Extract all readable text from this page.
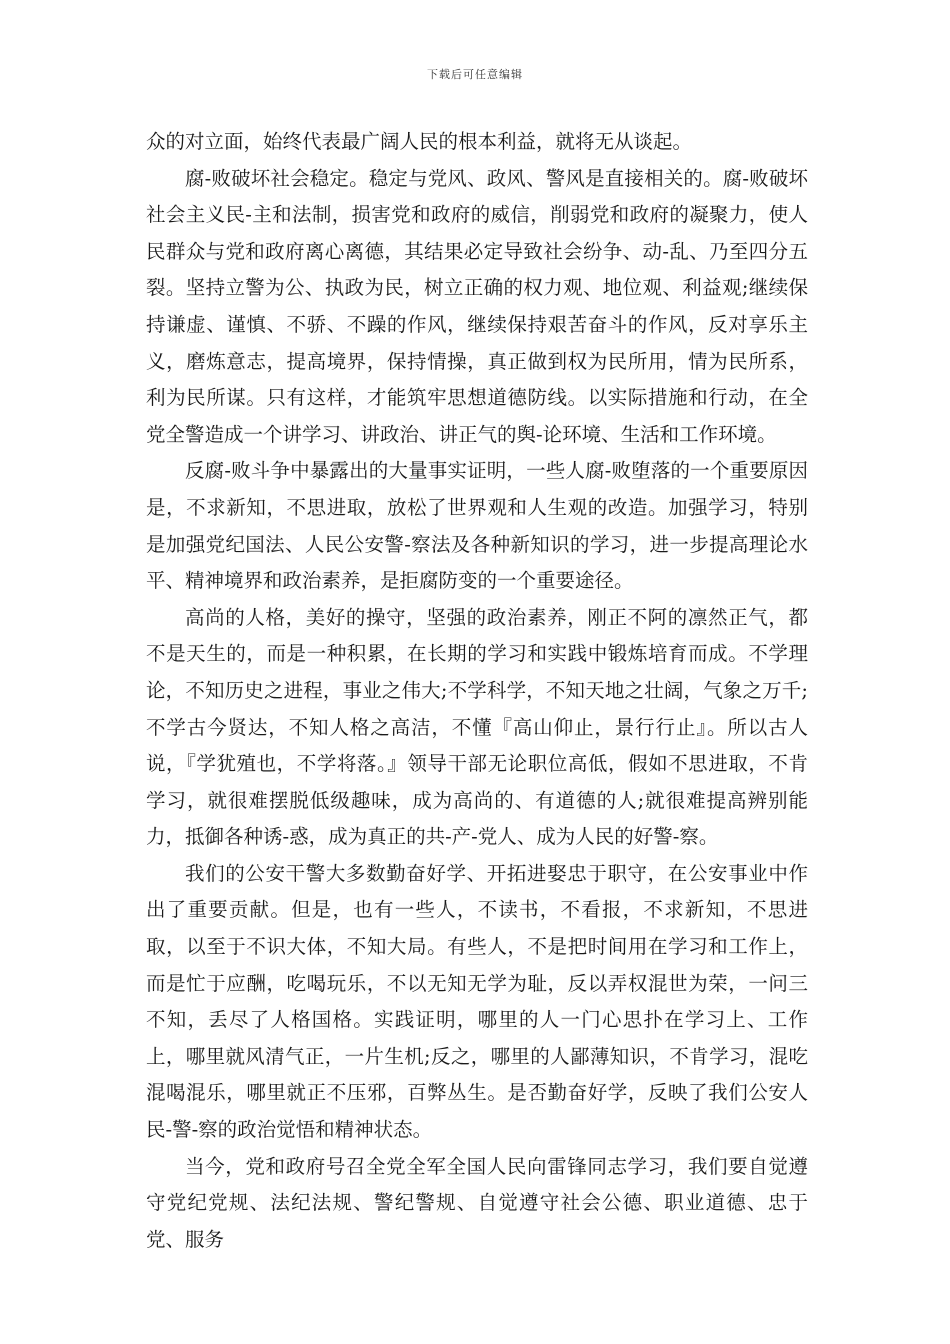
下载后可任意编辑

众的对立面，始终代表最广阔人民的根本利益，就将无从谈起。

腐-败破坏社会稳定。稳定与党风、政风、警风是直接相关的。腐-败破坏社会主义民-主和法制，损害党和政府的威信，削弱党和政府的凝聚力，使人民群众与党和政府离心离德，其结果必定导致社会纷争、动-乱、乃至四分五裂。坚持立警为公、执政为民，树立正确的权力观、地位观、利益观;继续保持谦虚、谨慎、不骄、不躁的作风，继续保持艰苦奋斗的作风，反对享乐主义，磨炼意志，提高境界，保持情操，真正做到权为民所用，情为民所系，利为民所谋。只有这样，才能筑牢思想道德防线。以实际措施和行动，在全党全警造成一个讲学习、讲政治、讲正气的舆-论环境、生活和工作环境。

反腐-败斗争中暴露出的大量事实证明，一些人腐-败堕落的一个重要原因是，不求新知，不思进取，放松了世界观和人生观的改造。加强学习，特别是加强党纪国法、人民公安警-察法及各种新知识的学习，进一步提高理论水平、精神境界和政治素养，是拒腐防变的一个重要途径。

高尚的人格，美好的操守，坚强的政治素养，刚正不阿的凛然正气，都不是天生的，而是一种积累，在长期的学习和实践中锻炼培育而成。不学理论，不知历史之进程，事业之伟大;不学科学，不知天地之壮阔，气象之万千;不学古今贤达，不知人格之高洁，不懂『高山仰止，景行行止』。所以古人说，『学犹殖也，不学将落。』领导干部无论职位高低，假如不思进取，不肯学习，就很难摆脱低级趣味，成为高尚的、有道德的人;就很难提高辨别能力，抵御各种诱-惑，成为真正的共-产-党人、成为人民的好警-察。

我们的公安干警大多数勤奋好学、开拓进娶忠于职守，在公安事业中作出了重要贡献。但是，也有一些人，不读书，不看报，不求新知，不思进取，以至于不识大体，不知大局。有些人，不是把时间用在学习和工作上，而是忙于应酬，吃喝玩乐，不以无知无学为耻，反以弄权混世为荣，一问三不知，丢尽了人格国格。实践证明，哪里的人一门心思扑在学习上、工作上，哪里就风清气正，一片生机;反之，哪里的人鄙薄知识，不肯学习，混吃混喝混乐，哪里就正不压邪，百弊丛生。是否勤奋好学，反映了我们公安人民-警-察的政治觉悟和精神状态。

当今，党和政府号召全党全军全国人民向雷锋同志学习，我们要自觉遵守党纪党规、法纪法规、警纪警规、自觉遵守社会公德、职业道德、忠于党、服务
